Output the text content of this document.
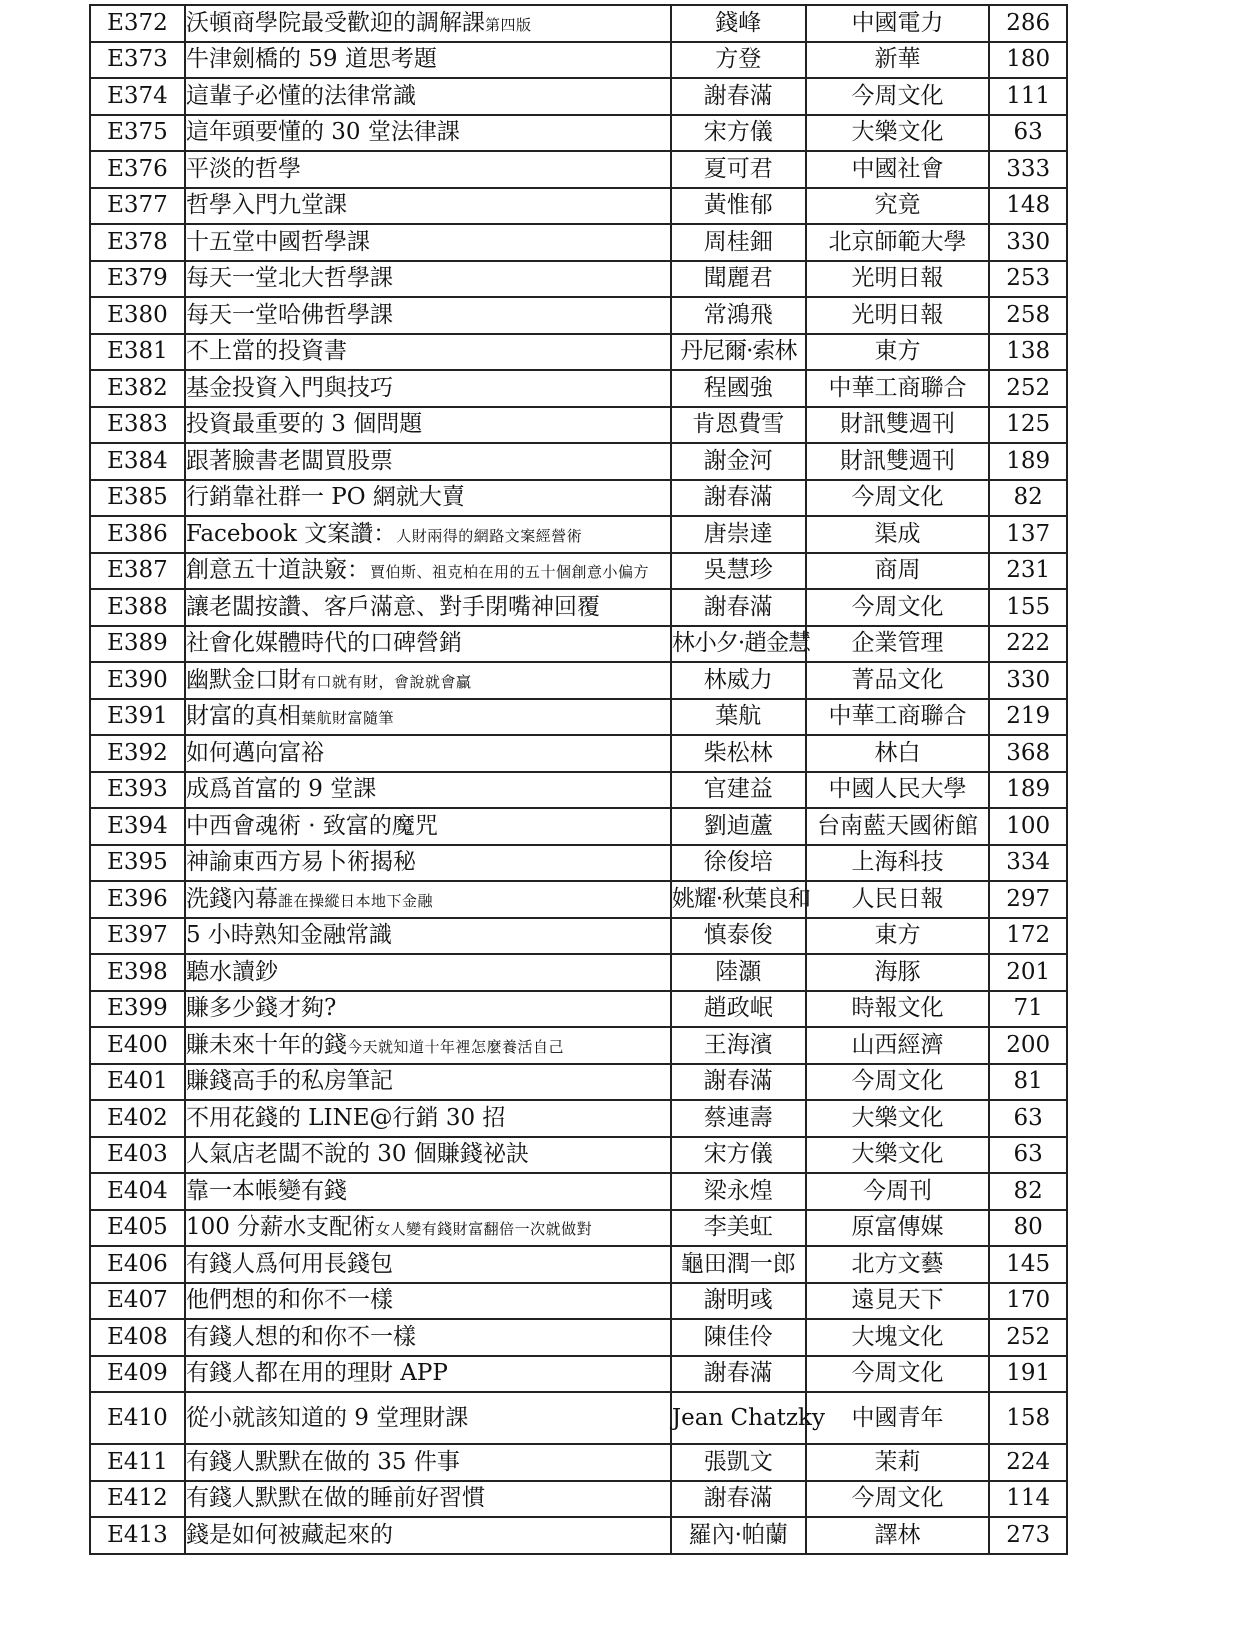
E372	沃頓商學院最受歡迎的調解課第四版	錢峰	中國電力	286
E373	牛津劍橋的 59 道思考題	方登	新華	180
E374	這輩子必懂的法律常識	謝春滿	今周文化	111
E375	這年頭要懂的 30 堂法律課	宋方儀	大樂文化	63
E376	平淡的哲學	夏可君	中國社會	333
E377	哲學入門九堂課	黃惟郁	究竟	148
E378	十五堂中國哲學課	周桂鈿	北京師範大學	330
E379	每天一堂北大哲學課	聞麗君	光明日報	253
E380	每天一堂哈佛哲學課	常鴻飛	光明日報	258
E381	不上當的投資書	丹尼爾·索林	東方	138
E382	基金投資入門與技巧	程國強	中華工商聯合	252
E383	投資最重要的 3 個問題	肯恩費雪	財訊雙週刊	125
E384	跟著臉書老闆買股票	謝金河	財訊雙週刊	189
E385	行銷靠社群一 PO 網就大賣	謝春滿	今周文化	82
E386	Facebook 文案讚：人財兩得的網路文案經營術	唐崇達	渠成	137
E387	創意五十道訣竅：賈伯斯、祖克柏在用的五十個創意小偏方	吳慧珍	商周	231
E388	讓老闆按讚、客戶滿意、對手閉嘴神回覆	謝春滿	今周文化	155
E389	社會化媒體時代的口碑營銷	林小夕·趙金慧	企業管理	222
E390	幽默金口財有口就有財，會說就會贏	林威力	菁品文化	330
E391	財富的真相葉航財富隨筆	葉航	中華工商聯合	219
E392	如何邁向富裕	柴松林	林白	368
E393	成爲首富的 9 堂課	官建益	中國人民大學	189
E394	中西會魂術 · 致富的魔咒	劉逌蘆	台南藍天國術館	100
E395	神諭東西方易卜術揭秘	徐俊培	上海科技	334
E396	洗錢內幕誰在操縱日本地下金融	姚耀·秋葉良和	人民日報	297
E397	5 小時熟知金融常識	慎泰俊	東方	172
E398	聽水讀鈔	陸灝	海豚	201
E399	賺多少錢才夠?	趙政岷	時報文化	71
E400	賺未來十年的錢今天就知道十年裡怎麼養活自己	王海濱	山西經濟	200
E401	賺錢高手的私房筆記	謝春滿	今周文化	81
E402	不用花錢的 LINE@行銷 30 招	蔡連壽	大樂文化	63
E403	人氣店老闆不說的 30 個賺錢祕訣	宋方儀	大樂文化	63
E404	靠一本帳變有錢	梁永煌	今周刊	82
E405	100 分薪水支配術女人變有錢財富翻倍一次就做對	李美虹	原富傳媒	80
E406	有錢人爲何用長錢包	龜田潤一郎	北方文藝	145
E407	他們想的和你不一樣	謝明彧	遠見天下	170
E408	有錢人想的和你不一樣	陳佳伶	大塊文化	252
E409	有錢人都在用的理財 APP	謝春滿	今周文化	191
E410	從小就該知道的 9 堂理財課	Jean Chatzky	中國青年	158
E411	有錢人默默在做的 35 件事	張凱文	茉莉	224
E412	有錢人默默在做的睡前好習慣	謝春滿	今周文化	114
E413	錢是如何被藏起來的	羅內·帕蘭	譯林	273
